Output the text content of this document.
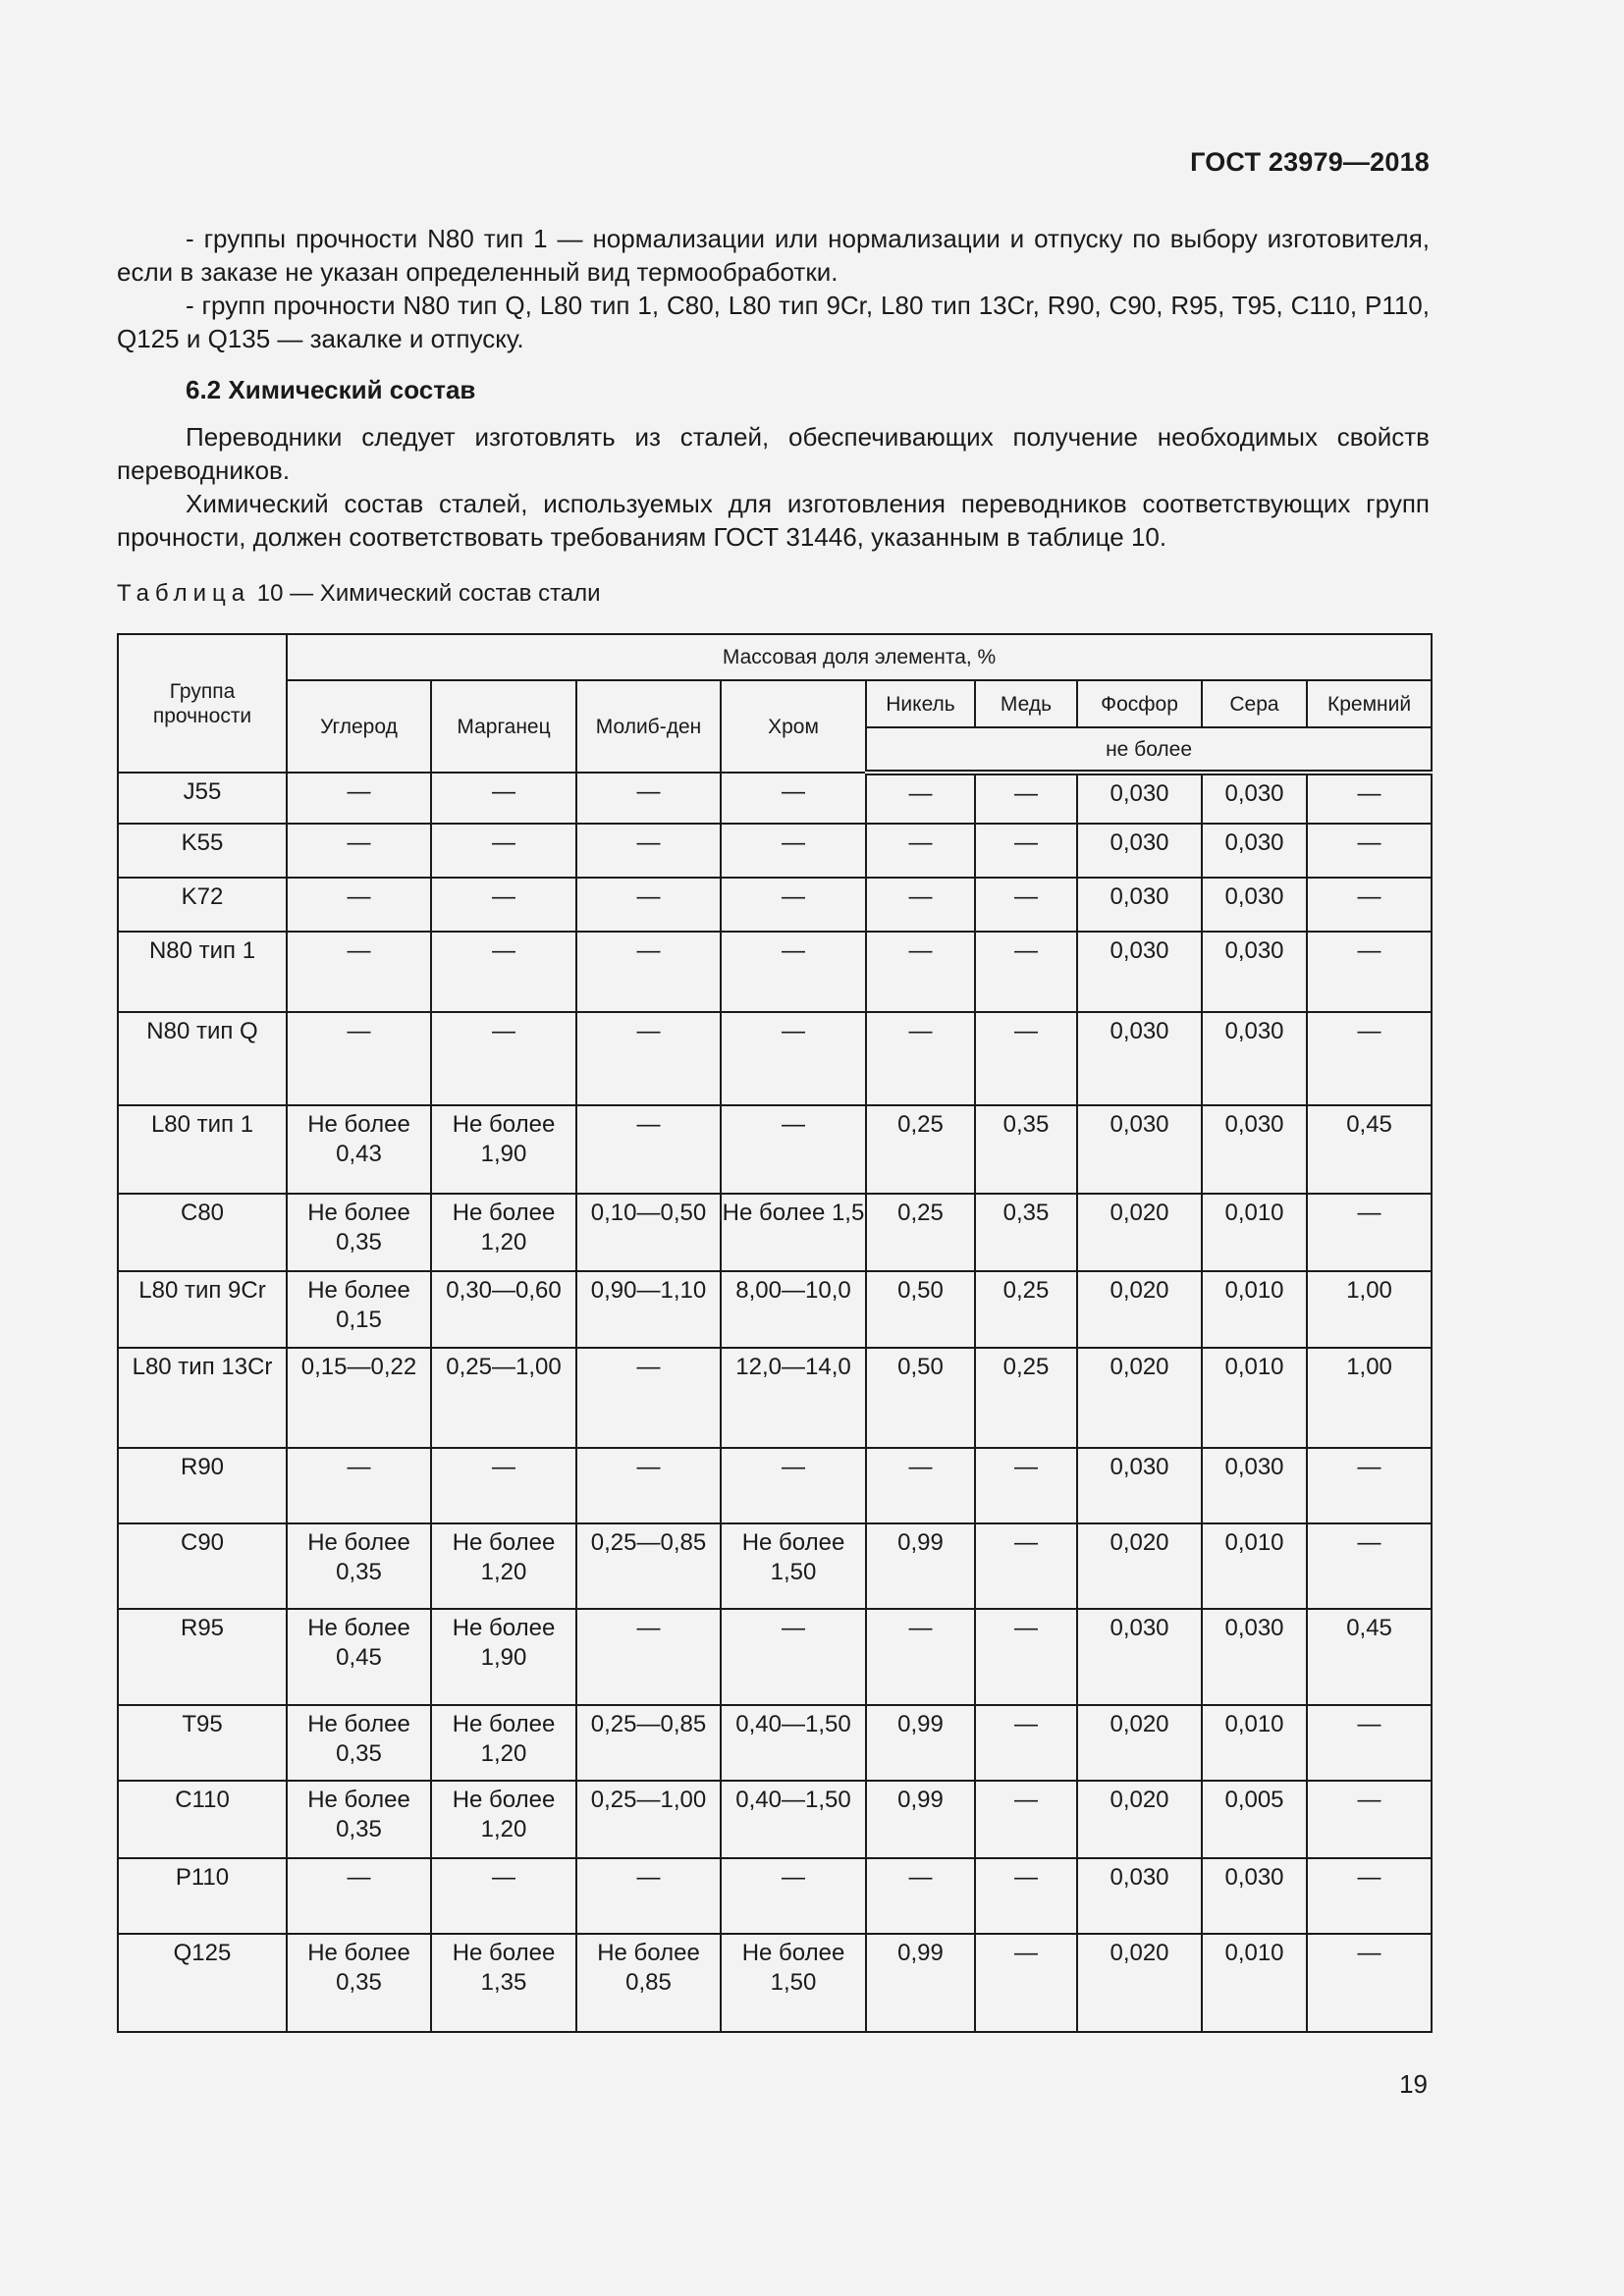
ГОСТ 23979—2018

- группы прочности N80 тип 1 — нормализации или нормализации и отпуску по выбору изготовителя, если в заказе не указан определенный вид термообработки.

- групп прочности N80 тип Q, L80 тип 1, C80, L80 тип 9Cr, L80 тип 13Cr, R90, C90, R95, T95, C110, P110, Q125 и Q135 — закалке и отпуску.

6.2 Химический состав

Переводники следует изготовлять из сталей, обеспечивающих получение необходимых свойств переводников.

Химический состав сталей, используемых для изготовления переводников соответствующих групп прочности, должен соответствовать требованиям ГОСТ 31446, указанным в таблице 10.

Таблица 10 — Химический состав стали
Группа прочности	Массовая доля элемента, %								
	Углерод	Марганец	Молиб-ден	Хром	Никель	Медь	Фосфор	Сера	Кремний
					не более				
J55	—	—	—	—	—	—	0,030	0,030	—
K55	—	—	—	—	—	—	0,030	0,030	—
K72	—	—	—	—	—	—	0,030	0,030	—
N80 тип 1	—	—	—	—	—	—	0,030	0,030	—
N80 тип Q	—	—	—	—	—	—	0,030	0,030	—
L80 тип 1	Не более 0,43	Не более 1,90	—	—	0,25	0,35	0,030	0,030	0,45
C80	Не более 0,35	Не более 1,20	0,10—0,50	Не более 1,5	0,25	0,35	0,020	0,010	—
L80 тип 9Cr	Не более 0,15	0,30—0,60	0,90—1,10	8,00—10,0	0,50	0,25	0,020	0,010	1,00
L80 тип 13Cr	0,15—0,22	0,25—1,00	—	12,0—14,0	0,50	0,25	0,020	0,010	1,00
R90	—	—	—	—	—	—	0,030	0,030	—
C90	Не более 0,35	Не более 1,20	0,25—0,85	Не более 1,50	0,99	—	0,020	0,010	—
R95	Не более 0,45	Не более 1,90	—	—	—	—	0,030	0,030	0,45
T95	Не более 0,35	Не более 1,20	0,25—0,85	0,40—1,50	0,99	—	0,020	0,010	—
C110	Не более 0,35	Не более 1,20	0,25—1,00	0,40—1,50	0,99	—	0,020	0,005	—
P110	—	—	—	—	—	—	0,030	0,030	—
Q125	Не более 0,35	Не более 1,35	Не более 0,85	Не более 1,50	0,99	—	0,020	0,010	—
19
